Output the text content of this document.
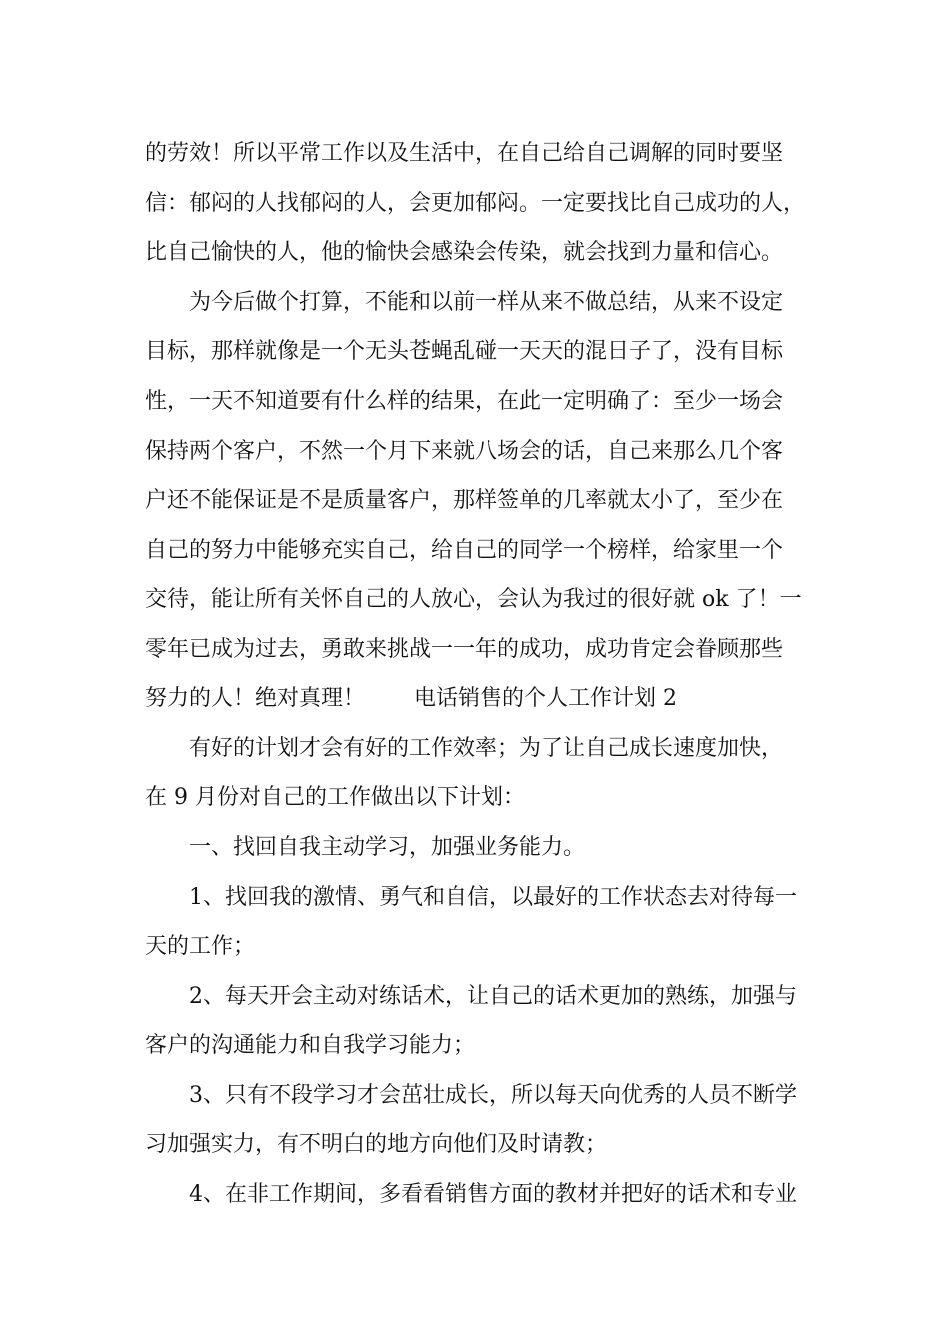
的劳效！所以平常工作以及生活中，在自己给自己调解的同时要坚
信：郁闷的人找郁闷的人，会更加郁闷。一定要找比自己成功的人，
比自己愉快的人，他的愉快会感染会传染，就会找到力量和信心。
为今后做个打算，不能和以前一样从来不做总结，从来不设定
目标，那样就像是一个无头苍蝇乱碰一天天的混日子了，没有目标
性，一天不知道要有什么样的结果，在此一定明确了：至少一场会
保持两个客户，不然一个月下来就八场会的话，自己来那么几个客
户还不能保证是不是质量客户，那样签单的几率就太小了，至少在
自己的努力中能够充实自己，给自己的同学一个榜样，给家里一个
交待，能让所有关怀自己的人放心，会认为我过的很好就 ok 了！一
零年已成为过去，勇敢来挑战一一年的成功，成功肯定会眷顾那些

努力的人！绝对真理！

电话销售的个人工作计划 2

有好的计划才会有好的工作效率；为了让自己成长速度加快，
在 9 月份对自己的工作做出以下计划：
一、找回自我主动学习，加强业务能力。
1、找回我的激情、勇气和自信，以最好的工作状态去对待每一
天的工作；
2、每天开会主动对练话术，让自己的话术更加的熟练，加强与
客户的沟通能力和自我学习能力；
3、只有不段学习才会茁壮成长，所以每天向优秀的人员不断学
习加强实力，有不明白的地方向他们及时请教；
4、在非工作期间，多看看销售方面的教材并把好的话术和专业
